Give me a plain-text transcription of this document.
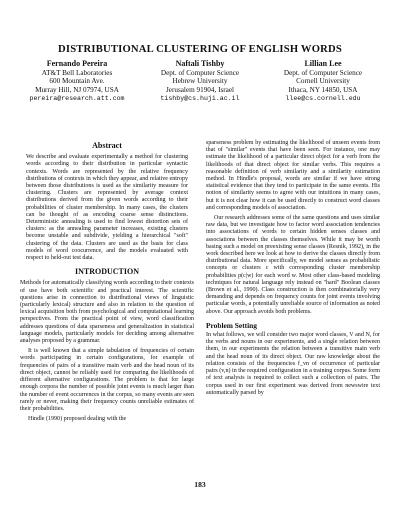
DISTRIBUTIONAL CLUSTERING OF ENGLISH WORDS
Fernando Pereira
AT&T Bell Laboratories
600 Mountain Ave.
Murray Hill, NJ 07974, USA
pereira@research.att.com
Naftali Tishby
Dept. of Computer Science
Hebrew University
Jerusalem 91904, Israel
tishby@cs.huji.ac.il
Lillian Lee
Dept. of Computer Science
Cornell University
Ithaca, NY 14850, USA
llee@cs.cornell.edu
Abstract

We describe and evaluate experimentally a method for clustering words according to their distribution in particular syntactic contexts. Words are represented by the relative frequency distributions of contexts in which they appear, and relative entropy between those distributions is used as the similarity measure for clustering. Clusters are represented by average context distributions derived from the given words according to their probabilities of cluster membership. In many cases, the clusters can be thought of as encoding coarse sense distinctions. Deterministic annealing is used to find lowest distortion sets of clusters: as the annealing parameter increases, existing clusters become unstable and subdivide, yielding a hierarchical "soft" clustering of the data. Clusters are used as the basis for class models of word coocurrence, and the models evaluated with respect to held-out test data.

INTRODUCTION

Methods for automatically classifying words according to their contexts of use have both scientific and practical interest. The scientific questions arise in connection to distributional views of linguistic (particularly lexical) structure and also in relation to the question of lexical acquisition both from psychological and computational learning perspectives. From the practical point of view, word classification addresses questions of data sparseness and generalization in statistical language models, particularly models for deciding among alternative analyses proposed by a grammar.

It is well known that a simple tabulation of frequencies of certain words participating in certain configurations, for example of frequencies of pairs of a transitive main verb and the head noun of its direct object, cannot be reliably used for comparing the likelihoods of different alternative configurations. The problem is that for large enough corpora the number of possible joint events is much larger than the number of event occurrences in the corpus, so many events are seen rarely or never, making their frequency counts unreliable estimates of their probabilities.

Hindle (1990) proposed dealing with the

sparseness problem by estimating the likelihood of unseen events from that of "similar" events that have been seen. For instance, one may estimate the likelihood of a particular direct object for a verb from the likelihoods of that direct object for similar verbs. This requires a reasonable definition of verb similarity and a similarity estimation method. In Hindle's proposal, words are similar if we have strong statistical evidence that they tend to participate in the same events. His notion of similarity seems to agree with our intuitions in many cases, but it is not clear how it can be used directly to construct word classes and corresponding models of association.

Our research addresses some of the same questions and uses similar raw data, but we investigate how to factor word association tendencies into associations of words to certain hidden senses classes and associations between the classes themselves. While it may be worth basing such a model on preexisting sense classes (Resnik, 1992), in the work described here we look at how to derive the classes directly from distributional data. More specifically, we model senses as probabilistic concepts or clusters c with corresponding cluster membership probabilities p(c|w) for each word w. Most other class-based modeling techniques for natural language rely instead on "hard" Boolean classes (Brown et al., 1990). Class construction is then combinatorially very demanding and depends on frequency counts for joint events involving particular words, a potentially unreliable source of information as noted above. Our approach avoids both problems.

Problem Setting

In what follows, we will consider two major word classes, V and N, for the verbs and nouns in our experiments, and a single relation between them, in our experiments the relation between a transitive main verb and the head noun of its direct object. Our raw knowledge about the relation consists of the frequencies f_vn of occurrence of particular pairs (v,n) in the required configuration in a training corpus. Some form of text analysis is required to collect such a collection of pairs. The corpus used in our first experiment was derived from newswire text automatically parsed by

183
